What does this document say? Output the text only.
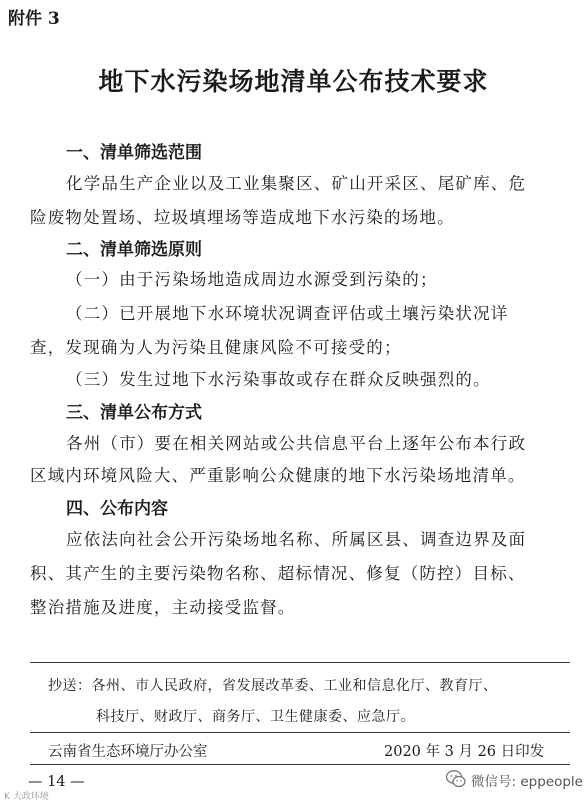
附件 3
地下水污染场地清单公布技术要求
一、清单筛选范围
化学品生产企业以及工业集聚区、矿山开采区、尾矿库、危
险废物处置场、垃圾填埋场等造成地下水污染的场地。
二、清单筛选原则
（一）由于污染场地造成周边水源受到污染的；
（二）已开展地下水环境状况调查评估或土壤污染状况详
查，发现确为人为污染且健康风险不可接受的；
（三）发生过地下水污染事故或存在群众反映强烈的。
三、清单公布方式
各州（市）要在相关网站或公共信息平台上逐年公布本行政
区域内环境风险大、严重影响公众健康的地下水污染场地清单。
四、公布内容
应依法向社会公开污染场地名称、所属区县、调查边界及面
积、其产生的主要污染物名称、超标情况、修复（防控）目标、
整治措施及进度，主动接受监督。
抄送：各州、市人民政府，省发展改革委、工业和信息化厅、教育厅、
科技厅、财政厅、商务厅、卫生健康委、应急厅。
云南省生态环境厅办公室	2020 年 3 月 26 日印发
— 14 —
K 大政环境
微信号: eppeople
